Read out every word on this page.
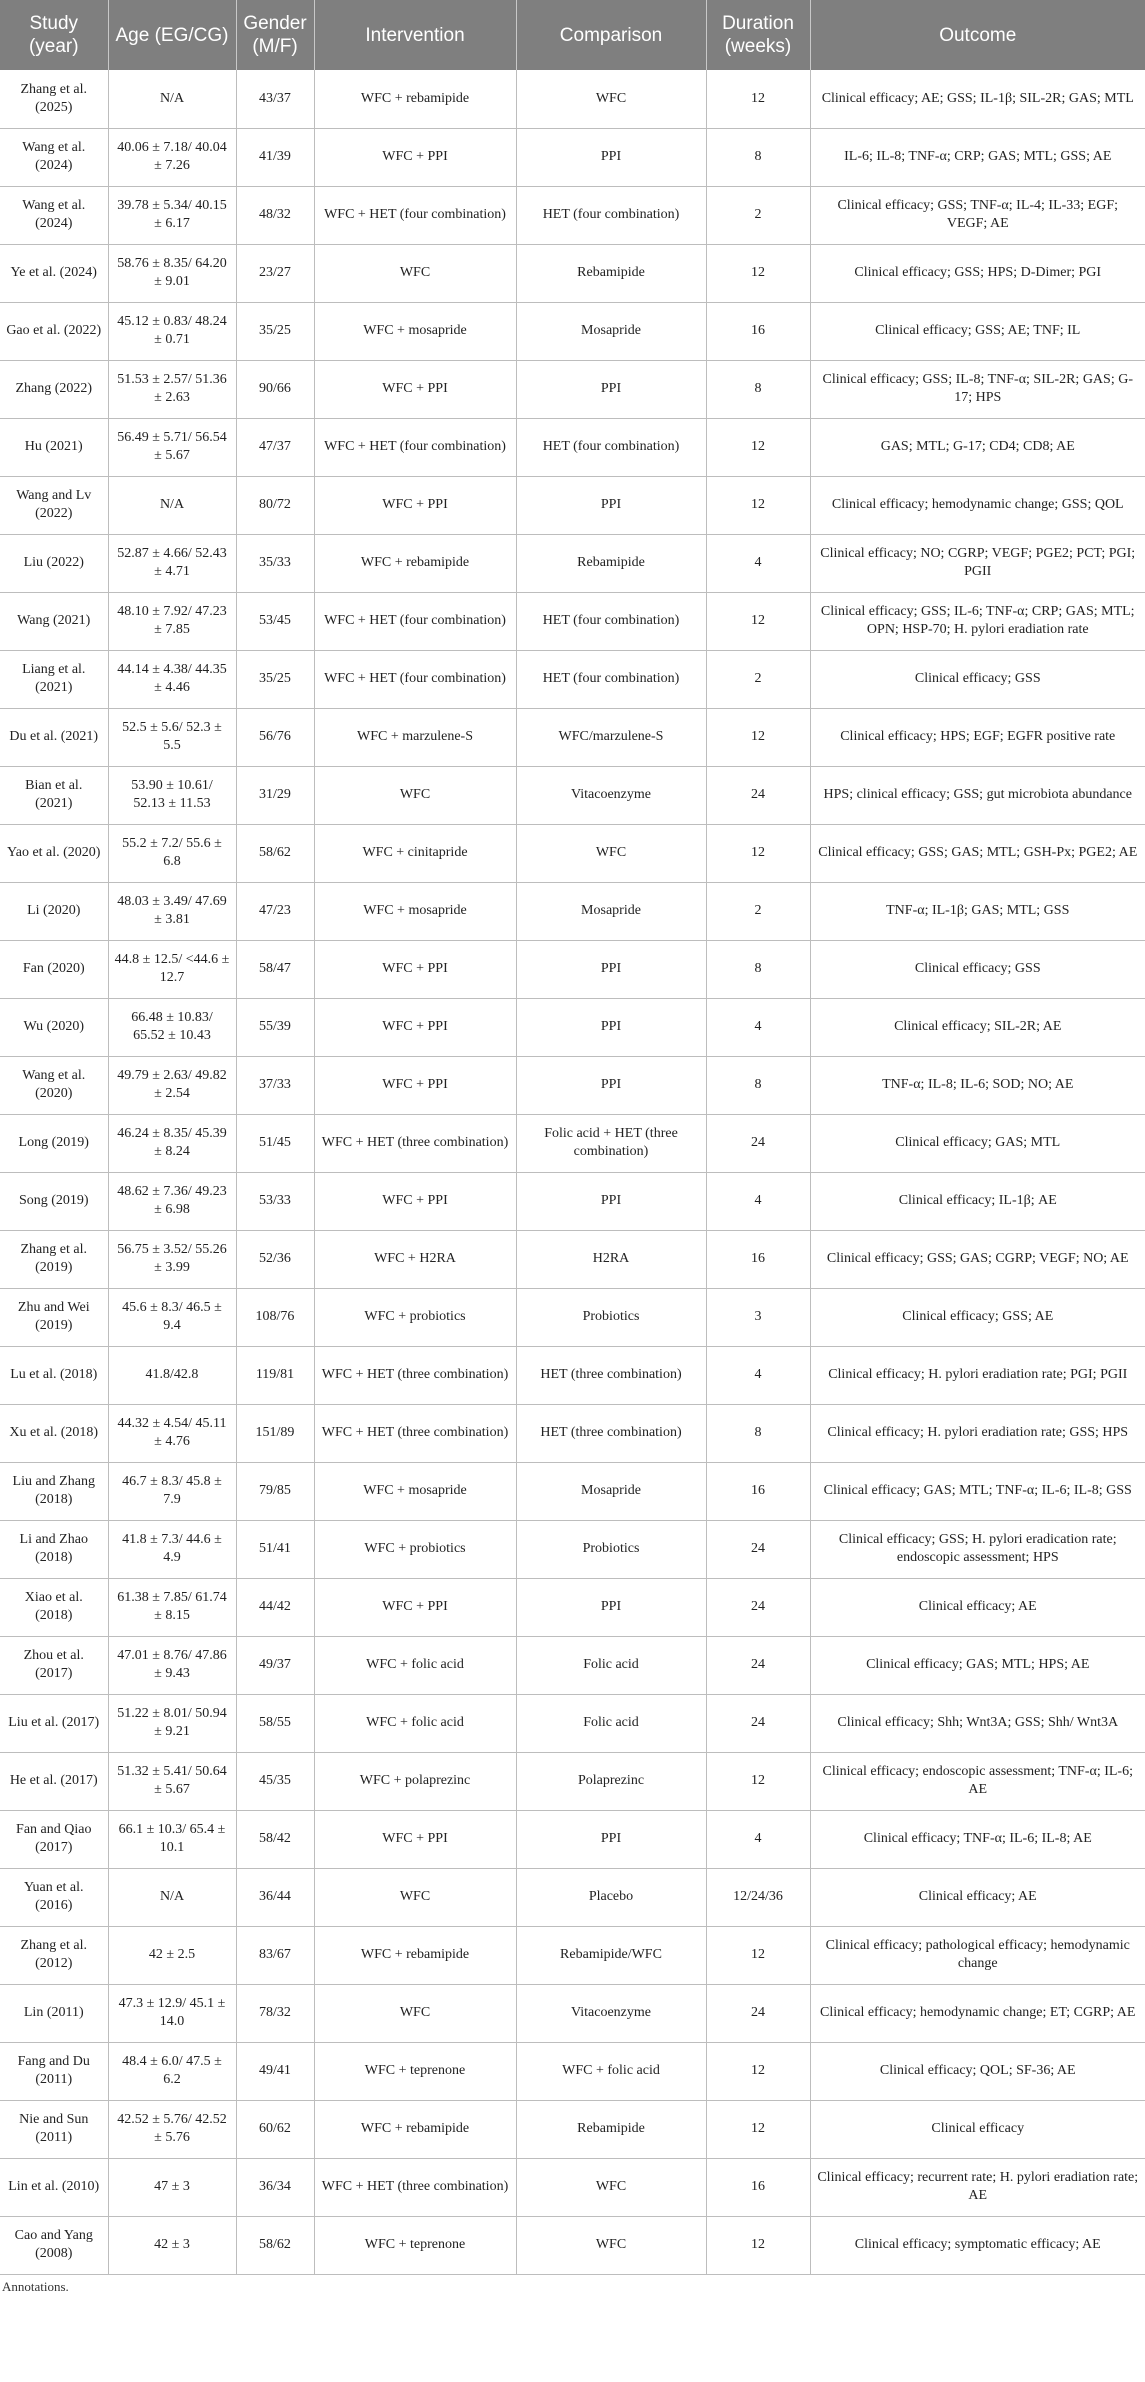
Study (year)	Age (EG/CG)	Gender (M/F)	Intervention	Comparison	Duration (weeks)	Outcome
Zhang et al. (2025)	N/A	43/37	WFC + rebamipide	WFC	12	Clinical efficacy; AE; GSS; IL-1β; SIL-2R; GAS; MTL
Wang et al. (2024)	40.06 ± 7.18/ 40.04 ± 7.26	41/39	WFC + PPI	PPI	8	IL-6; IL-8; TNF-α; CRP; GAS; MTL; GSS; AE
Wang et al. (2024)	39.78 ± 5.34/ 40.15 ± 6.17	48/32	WFC + HET (four combination)	HET (four combination)	2	Clinical efficacy; GSS; TNF-α; IL-4; IL-33; EGF; VEGF; AE
Ye et al. (2024)	58.76 ± 8.35/ 64.20 ± 9.01	23/27	WFC	Rebamipide	12	Clinical efficacy; GSS; HPS; D-Dimer; PGI
Gao et al. (2022)	45.12 ± 0.83/ 48.24 ± 0.71	35/25	WFC + mosapride	Mosapride	16	Clinical efficacy; GSS; AE; TNF; IL
Zhang (2022)	51.53 ± 2.57/ 51.36 ± 2.63	90/66	WFC + PPI	PPI	8	Clinical efficacy; GSS; IL-8; TNF-α; SIL-2R; GAS; G-17; HPS
Hu (2021)	56.49 ± 5.71/ 56.54 ± 5.67	47/37	WFC + HET (four combination)	HET (four combination)	12	GAS; MTL; G-17; CD4; CD8; AE
Wang and Lv (2022)	N/A	80/72	WFC + PPI	PPI	12	Clinical efficacy; hemodynamic change; GSS; QOL
Liu (2022)	52.87 ± 4.66/ 52.43 ± 4.71	35/33	WFC + rebamipide	Rebamipide	4	Clinical efficacy; NO; CGRP; VEGF; PGE2; PCT; PGI; PGII
Wang (2021)	48.10 ± 7.92/ 47.23 ± 7.85	53/45	WFC + HET (four combination)	HET (four combination)	12	Clinical efficacy; GSS; IL-6; TNF-α; CRP; GAS; MTL; OPN; HSP-70; H. pylori eradiation rate
Liang et al. (2021)	44.14 ± 4.38/ 44.35 ± 4.46	35/25	WFC + HET (four combination)	HET (four combination)	2	Clinical efficacy; GSS
Du et al. (2021)	52.5 ± 5.6/ 52.3 ± 5.5	56/76	WFC + marzulene-S	WFC/marzulene-S	12	Clinical efficacy; HPS; EGF; EGFR positive rate
Bian et al. (2021)	53.90 ± 10.61/ 52.13 ± 11.53	31/29	WFC	Vitacoenzyme	24	HPS; clinical efficacy; GSS; gut microbiota abundance
Yao et al. (2020)	55.2 ± 7.2/ 55.6 ± 6.8	58/62	WFC + cinitapride	WFC	12	Clinical efficacy; GSS; GAS; MTL; GSH-Px; PGE2; AE
Li (2020)	48.03 ± 3.49/ 47.69 ± 3.81	47/23	WFC + mosapride	Mosapride	2	TNF-α; IL-1β; GAS; MTL; GSS
Fan (2020)	44.8 ± 12.5/ <44.6 ± 12.7	58/47	WFC + PPI	PPI	8	Clinical efficacy; GSS
Wu (2020)	66.48 ± 10.83/ 65.52 ± 10.43	55/39	WFC + PPI	PPI	4	Clinical efficacy; SIL-2R; AE
Wang et al. (2020)	49.79 ± 2.63/ 49.82 ± 2.54	37/33	WFC + PPI	PPI	8	TNF-α; IL-8; IL-6; SOD; NO; AE
Long (2019)	46.24 ± 8.35/ 45.39 ± 8.24	51/45	WFC + HET (three combination)	Folic acid + HET (three combination)	24	Clinical efficacy; GAS; MTL
Song (2019)	48.62 ± 7.36/ 49.23 ± 6.98	53/33	WFC + PPI	PPI	4	Clinical efficacy; IL-1β; AE
Zhang et al. (2019)	56.75 ± 3.52/ 55.26 ± 3.99	52/36	WFC + H2RA	H2RA	16	Clinical efficacy; GSS; GAS; CGRP; VEGF; NO; AE
Zhu and Wei (2019)	45.6 ± 8.3/ 46.5 ± 9.4	108/76	WFC + probiotics	Probiotics	3	Clinical efficacy; GSS; AE
Lu et al. (2018)	41.8/42.8	119/81	WFC + HET (three combination)	HET (three combination)	4	Clinical efficacy; H. pylori eradiation rate; PGI; PGII
Xu et al. (2018)	44.32 ± 4.54/ 45.11 ± 4.76	151/89	WFC + HET (three combination)	HET (three combination)	8	Clinical efficacy; H. pylori eradiation rate; GSS; HPS
Liu and Zhang (2018)	46.7 ± 8.3/ 45.8 ± 7.9	79/85	WFC + mosapride	Mosapride	16	Clinical efficacy; GAS; MTL; TNF-α; IL-6; IL-8; GSS
Li and Zhao (2018)	41.8 ± 7.3/ 44.6 ± 4.9	51/41	WFC + probiotics	Probiotics	24	Clinical efficacy; GSS; H. pylori eradication rate; endoscopic assessment; HPS
Xiao et al. (2018)	61.38 ± 7.85/ 61.74 ± 8.15	44/42	WFC + PPI	PPI	24	Clinical efficacy; AE
Zhou et al. (2017)	47.01 ± 8.76/ 47.86 ± 9.43	49/37	WFC + folic acid	Folic acid	24	Clinical efficacy; GAS; MTL; HPS; AE
Liu et al. (2017)	51.22 ± 8.01/ 50.94 ± 9.21	58/55	WFC + folic acid	Folic acid	24	Clinical efficacy; Shh; Wnt3A; GSS; Shh/ Wnt3A
He et al. (2017)	51.32 ± 5.41/ 50.64 ± 5.67	45/35	WFC + polaprezinc	Polaprezinc	12	Clinical efficacy; endoscopic assessment; TNF-α; IL-6; AE
Fan and Qiao (2017)	66.1 ± 10.3/ 65.4 ± 10.1	58/42	WFC + PPI	PPI	4	Clinical efficacy; TNF-α; IL-6; IL-8; AE
Yuan et al. (2016)	N/A	36/44	WFC	Placebo	12/24/36	Clinical efficacy; AE
Zhang et al. (2012)	42 ± 2.5	83/67	WFC + rebamipide	Rebamipide/WFC	12	Clinical efficacy; pathological efficacy; hemodynamic change
Lin (2011)	47.3 ± 12.9/ 45.1 ± 14.0	78/32	WFC	Vitacoenzyme	24	Clinical efficacy; hemodynamic change; ET; CGRP; AE
Fang and Du (2011)	48.4 ± 6.0/ 47.5 ± 6.2	49/41	WFC + teprenone	WFC + folic acid	12	Clinical efficacy; QOL; SF-36; AE
Nie and Sun (2011)	42.52 ± 5.76/ 42.52 ± 5.76	60/62	WFC + rebamipide	Rebamipide	12	Clinical efficacy
Lin et al. (2010)	47 ± 3	36/34	WFC + HET (three combination)	WFC	16	Clinical efficacy; recurrent rate; H. pylori eradiation rate; AE
Cao and Yang (2008)	42 ± 3	58/62	WFC + teprenone	WFC	12	Clinical efficacy; symptomatic efficacy; AE
Annotations.
